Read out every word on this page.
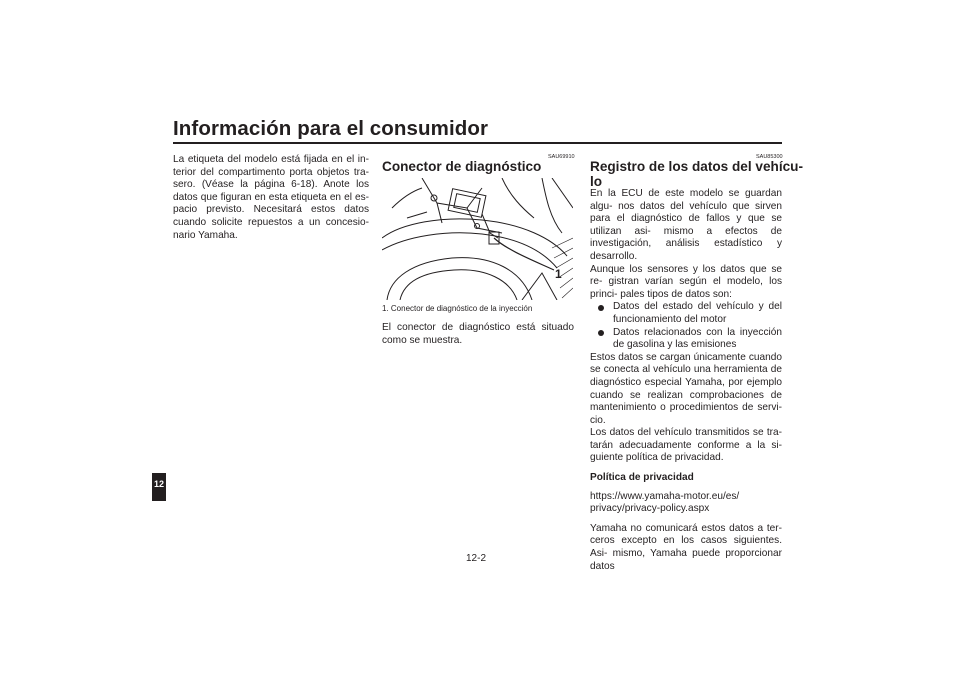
Información para el consumidor
12

La etiqueta del modelo está fijada en el in- terior del compartimento porta objetos tra- sero. (Véase la página 6-18). Anote los datos que figuran en esta etiqueta en el es- pacio previsto. Necesitará estos datos cuando solicite repuestos a un concesio- nario Yamaha.

SAU69910
Conector de diagnóstico
1
1. Conector de diagnóstico de la inyección

El conector de diagnóstico está situado como se muestra.

SAU85300
Registro de los datos del vehícu-
lo

En la ECU de este modelo se guardan algu- nos datos del vehículo que sirven para el diagnóstico de fallos y que se utilizan asi- mismo a efectos de investigación, análisis estadístico y desarrollo.

Aunque los sensores y los datos que se re- gistran varían según el modelo, los princi- pales tipos de datos son:

Datos del estado del vehículo y del funcionamiento del motor
Datos relacionados con la inyección de gasolina y las emisiones

Estos datos se cargan únicamente cuando se conecta al vehículo una herramienta de diagnóstico especial Yamaha, por ejemplo cuando se realizan comprobaciones de mantenimiento o procedimientos de servi- cio.

Los datos del vehículo transmitidos se tra- tarán adecuadamente conforme a la si- guiente política de privacidad.

Política de privacidad

https://www.yamaha-motor.eu/es/
privacy/privacy-policy.aspx

Yamaha no comunicará estos datos a ter- ceros excepto en los casos siguientes. Asi- mismo, Yamaha puede proporcionar datos

12-2
